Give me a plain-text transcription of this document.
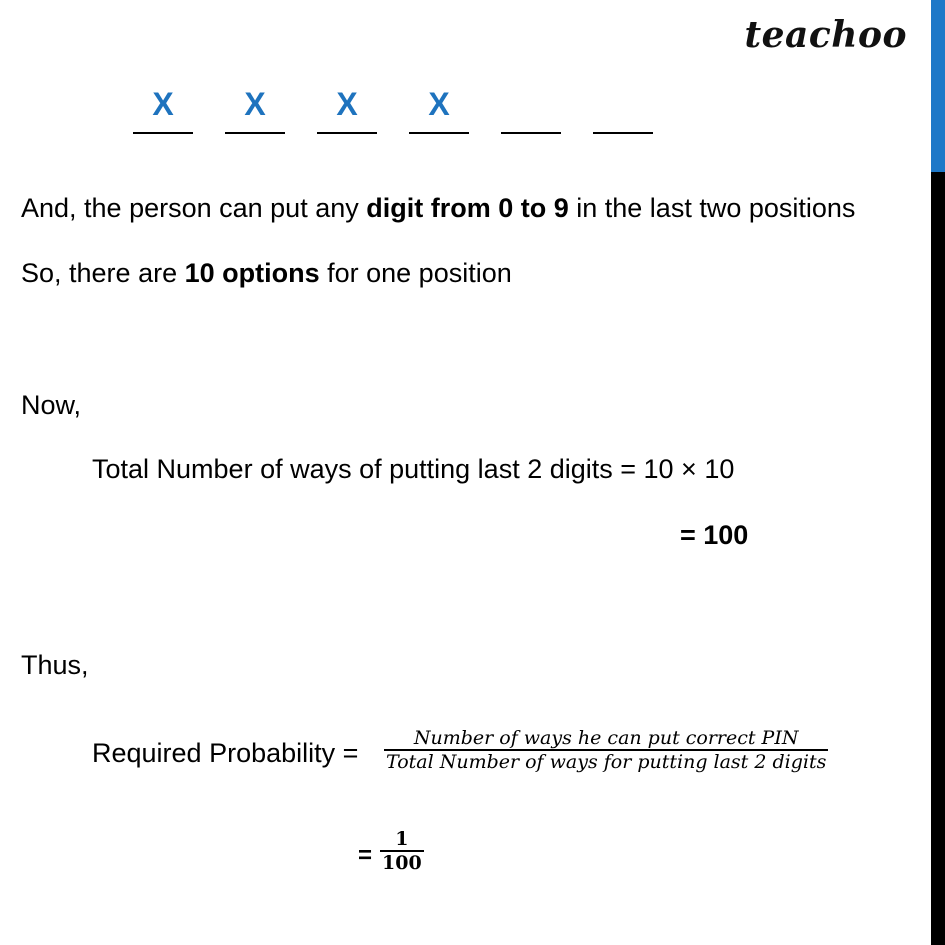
teachoo
X	X	X	X
And, the person can put any digit from 0 to 9 in the last two positions
So, there are 10 options for one position
Now,
Total Number of ways of putting last 2 digits = 10 × 10
= 100
Thus,
Required Probability =	Number of ways he can put correct PIN
Total Number of ways for putting last 2 digits
= $\frac{1}{100}$
